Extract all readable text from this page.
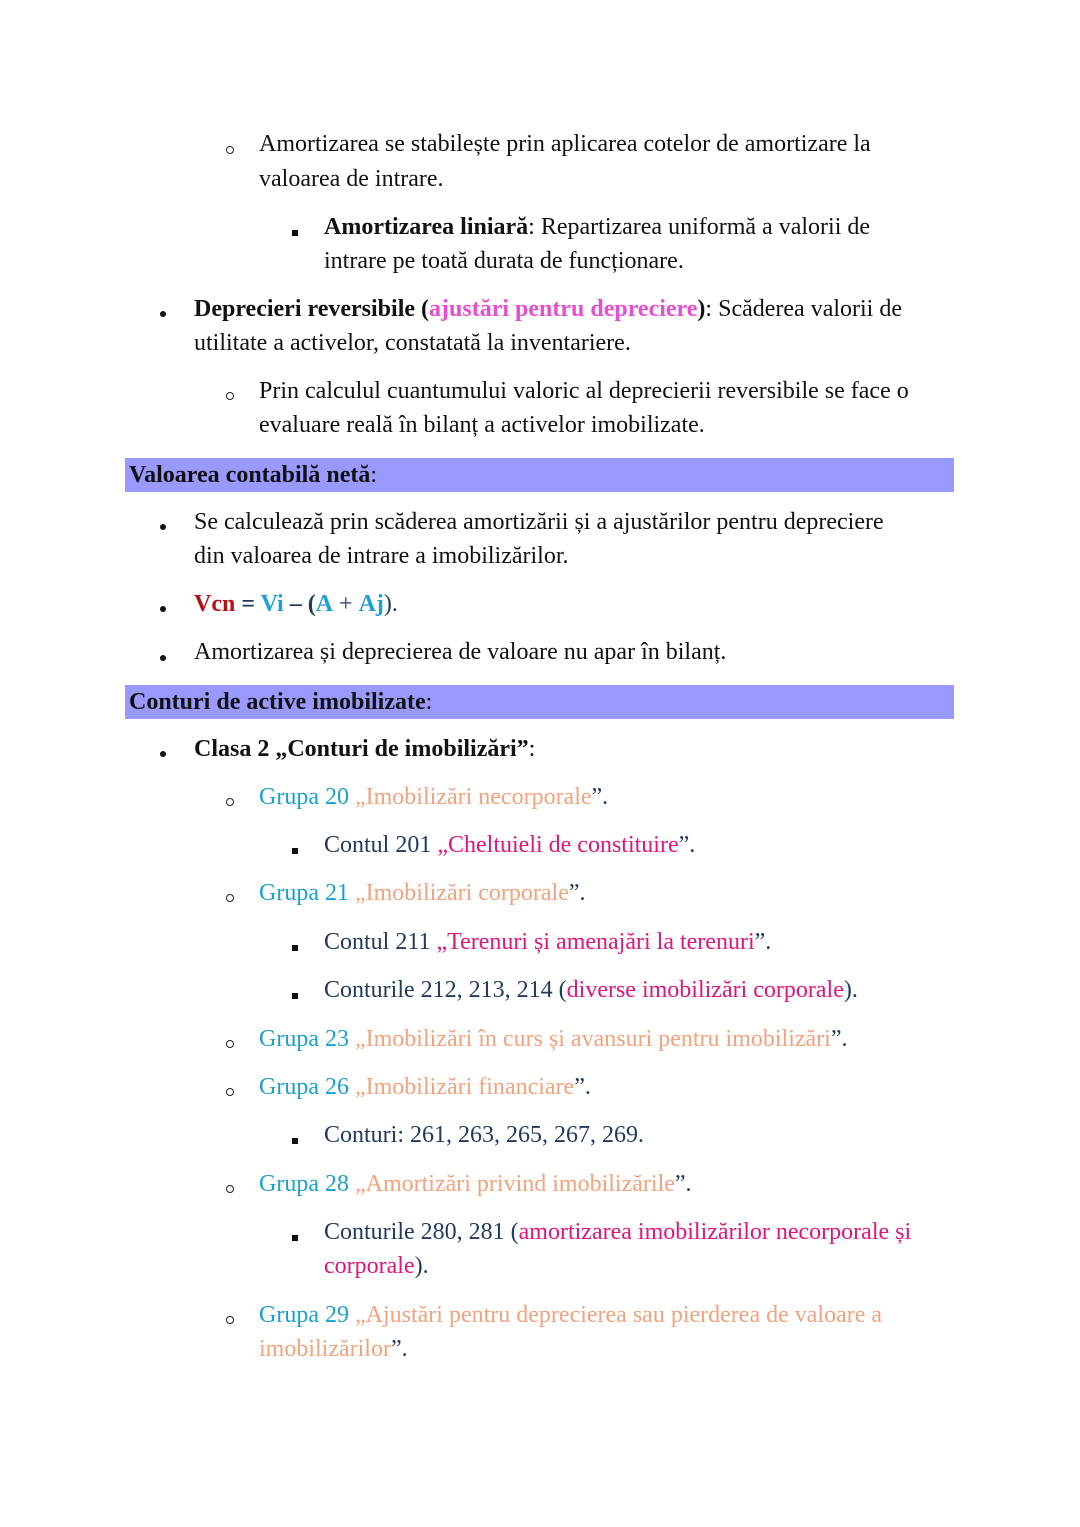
Amortizarea se stabilește prin aplicarea cotelor de amortizare la
valoarea de intrare.
Amortizarea liniară: Repartizarea uniformă a valorii de
intrare pe toată durata de funcționare.
Deprecieri reversibile (ajustări pentru depreciere): Scăderea valorii de
utilitate a activelor, constatată la inventariere.
Prin calculul cuantumului valoric al deprecierii reversibile se face o
evaluare reală în bilanț a activelor imobilizate.
Valoarea contabilă netă:
Se calculează prin scăderea amortizării și a ajustărilor pentru depreciere
din valoarea de intrare a imobilizărilor.
Vcn = Vi – (A + Aj).
Amortizarea și deprecierea de valoare nu apar în bilanț.
Conturi de active imobilizate:
Clasa 2 „Conturi de imobilizări”:
Grupa 20 „Imobilizări necorporale”.
Contul 201 „Cheltuieli de constituire”.
Grupa 21 „Imobilizări corporale”.
Contul 211 „Terenuri și amenajări la terenuri”.
Conturile 212, 213, 214 (diverse imobilizări corporale).
Grupa 23 „Imobilizări în curs și avansuri pentru imobilizări”.
Grupa 26 „Imobilizări financiare”.
Conturi: 261, 263, 265, 267, 269.
Grupa 28 „Amortizări privind imobilizările”.
Conturile 280, 281 (amortizarea imobilizărilor necorporale și
corporale).
Grupa 29 „Ajustări pentru deprecierea sau pierderea de valoare a
imobilizărilor”.
